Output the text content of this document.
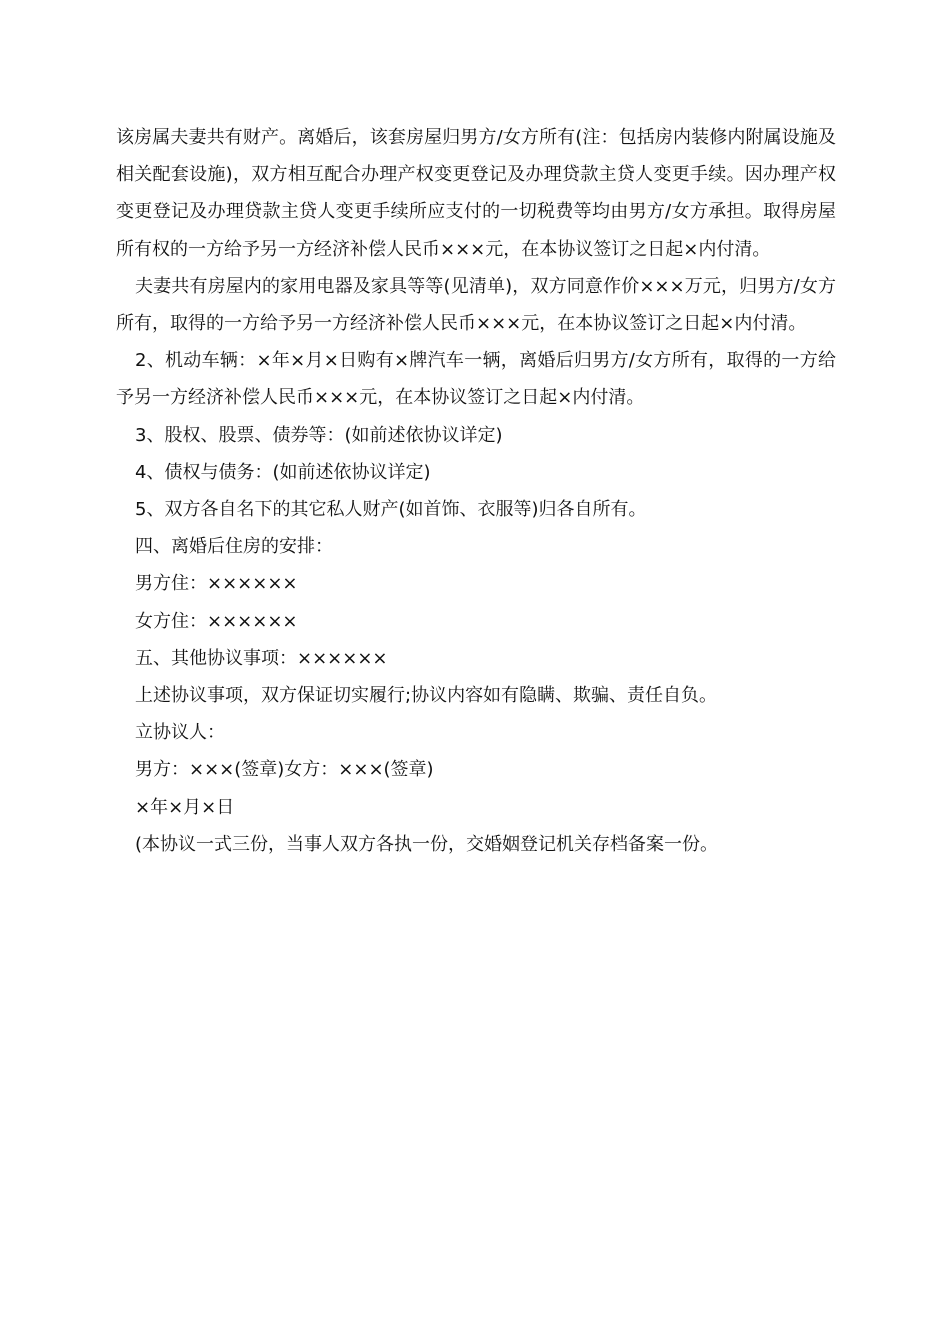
该房属夫妻共有财产。离婚后，该套房屋归男方/女方所有(注：包括房内装修内附属设施及相关配套设施)，双方相互配合办理产权变更登记及办理贷款主贷人变更手续。因办理产权变更登记及办理贷款主贷人变更手续所应支付的一切税费等均由男方/女方承担。取得房屋所有权的一方给予另一方经济补偿人民币×××元，在本协议签订之日起×内付清。

夫妻共有房屋内的家用电器及家具等等(见清单)，双方同意作价×××万元，归男方/女方所有，取得的一方给予另一方经济补偿人民币×××元，在本协议签订之日起×内付清。

2、机动车辆：×年×月×日购有×牌汽车一辆，离婚后归男方/女方所有，取得的一方给予另一方经济补偿人民币×××元，在本协议签订之日起×内付清。

3、股权、股票、债券等：(如前述依协议详定)

4、债权与债务：(如前述依协议详定)

5、双方各自名下的其它私人财产(如首饰、衣服等)归各自所有。

四、离婚后住房的安排：

男方住：××××××

女方住：××××××

五、其他协议事项：××××××

上述协议事项，双方保证切实履行;协议内容如有隐瞒、欺骗、责任自负。

立协议人：

男方：×××(签章)女方：×××(签章)

×年×月×日

(本协议一式三份，当事人双方各执一份，交婚姻登记机关存档备案一份。
